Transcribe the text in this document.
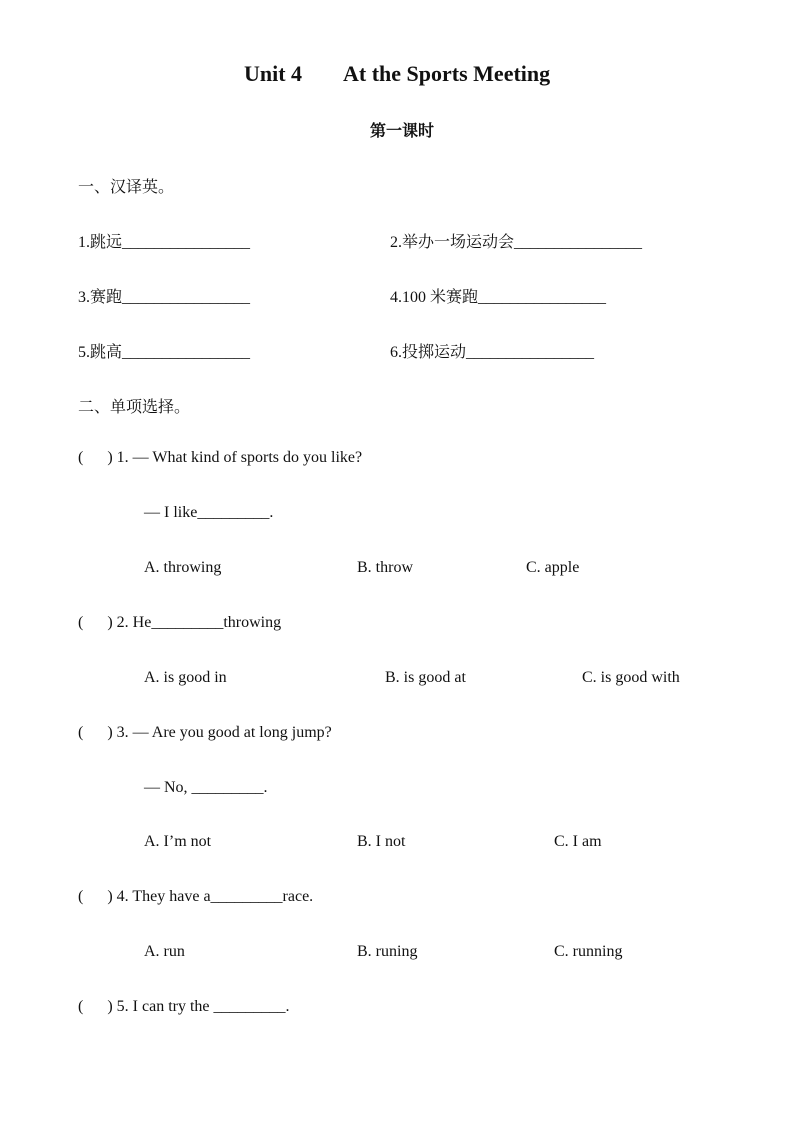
Unit 4 At the Sports Meeting
第一课时
一、汉译英。
1.跳远________________	2.举办一场运动会________________
3.赛跑________________	4.100 米赛跑________________
5.跳高________________	6.投掷运动________________
二、单项选择。
(      ) 1. — What kind of sports do you like?
— I like_________.
A. throwing	B. throw	C. apple
(      ) 2. He_________throwing
A. is good in	B. is good at	C. is good with
(      ) 3. — Are you good at long jump?
— No, _________.
A. I’m not	B. I not	C. I am
(      ) 4. They have a_________race.
A. run	B. runing	C. running
(      ) 5. I can try the _________.
